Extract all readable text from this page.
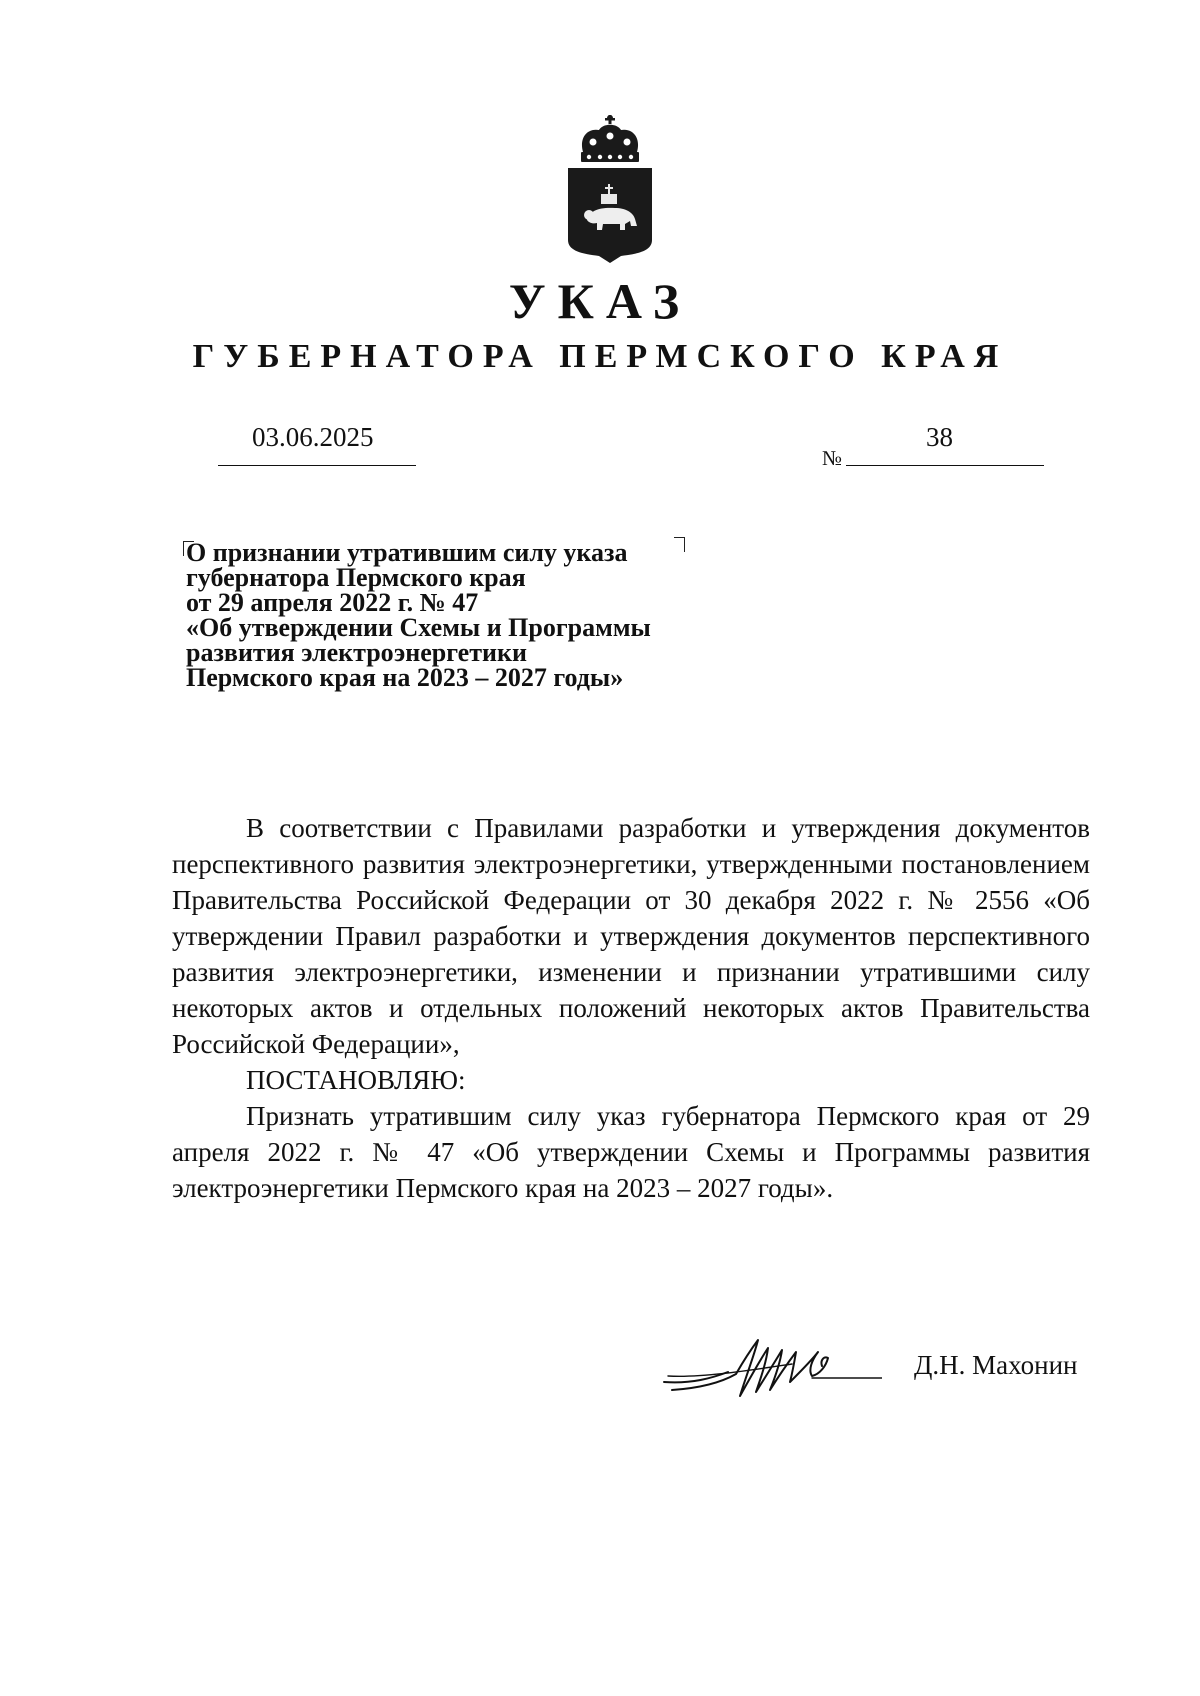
УКАЗ
ГУБЕРНАТОРА ПЕРМСКОГО КРАЯ
03.06.2025
№
38
О признании утратившим силу указа
губернатора Пермского края
от 29 апреля 2022 г. № 47
«Об утверждении Схемы и Программы
развития электроэнергетики
Пермского края на 2023 – 2027 годы»

В соответствии с Правилами разработки и утверждения документов перспективного развития электроэнергетики, утвержденными постановлением Правительства Российской Федерации от 30 декабря 2022 г. № 2556 «Об утверждении Правил разработки и утверждения документов перспективного развития электроэнергетики, изменении и признании утратившими силу некоторых актов и отдельных положений некоторых актов Правительства Российской Федерации»,

ПОСТАНОВЛЯЮ:

Признать утратившим силу указ губернатора Пермского края от 29 апреля 2022 г. № 47 «Об утверждении Схемы и Программы развития электроэнергетики Пермского края на 2023 – 2027 годы».

Д.Н. Махонин
